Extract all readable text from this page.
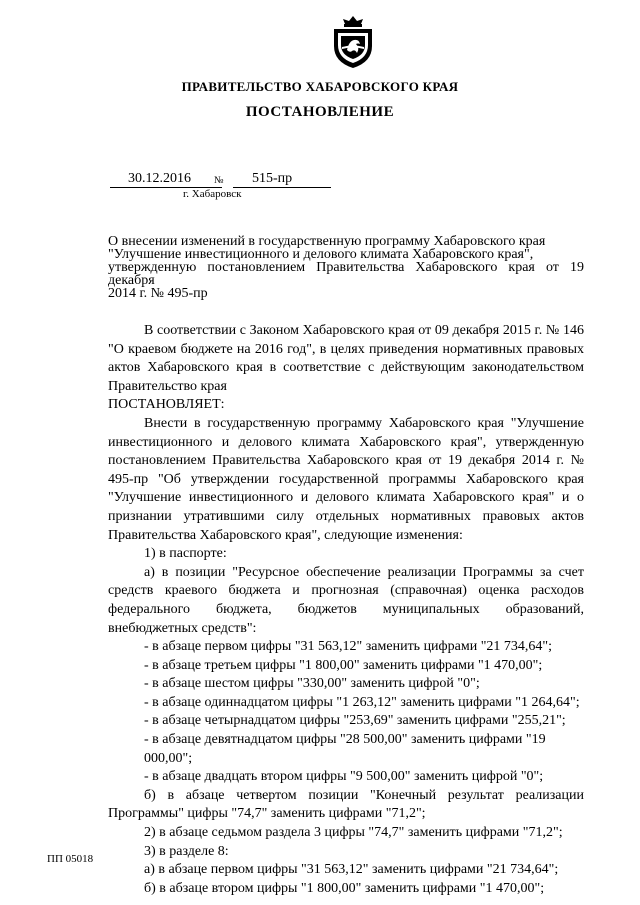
ПРАВИТЕЛЬСТВО ХАБАРОВСКОГО КРАЯ
ПОСТАНОВЛЕНИЕ
30.12.2016 № 515-пр
г. Хабаровск

О внесении изменений в государственную программу Хабаровского края

"Улучшение инвестиционного и делового климата Хабаровского края",

утвержденную постановлением Правительства Хабаровского края от 19 декабря

2014 г. № 495-пр

В соответствии с Законом Хабаровского края от 09 декабря 2015 г. № 146 "О краевом бюджете на 2016 год", в целях приведения нормативных правовых актов Хабаровского края в соответствие с действующим законодательством Правительство края

ПОСТАНОВЛЯЕТ:

Внести в государственную программу Хабаровского края "Улучшение инвестиционного и делового климата Хабаровского края", утвержденную постановлением Правительства Хабаровского края от 19 декабря 2014 г. № 495-пр "Об утверждении государственной программы Хабаровского края "Улучшение инвестиционного и делового климата Хабаровского края" и о признании утратившими силу отдельных нормативных правовых актов Правительства Хабаровского края", следующие изменения:

1) в паспорте:

а) в позиции "Ресурсное обеспечение реализации Программы за счет средств краевого бюджета и прогнозная (справочная) оценка расходов федерального бюджета, бюджетов муниципальных образований, внебюджетных средств":

- в абзаце первом цифры "31 563,12" заменить цифрами "21 734,64";

- в абзаце третьем цифры "1 800,00" заменить цифрами "1 470,00";

- в абзаце шестом цифры "330,00" заменить цифрой "0";

- в абзаце одиннадцатом цифры "1 263,12" заменить цифрами "1 264,64";

- в абзаце четырнадцатом цифры "253,69" заменить цифрами "255,21";

- в абзаце девятнадцатом цифры "28 500,00" заменить цифрами "19 000,00";

- в абзаце двадцать втором цифры "9 500,00" заменить цифрой "0";

б) в абзаце четвертом позиции "Конечный результат реализации Программы" цифры "74,7" заменить цифрами "71,2";

2) в абзаце седьмом раздела 3 цифры "74,7" заменить цифрами "71,2";

3) в разделе 8:

а) в абзаце первом цифры "31 563,12" заменить цифрами "21 734,64";

б) в абзаце втором цифры "1 800,00" заменить цифрами "1 470,00";

ПП 05018
